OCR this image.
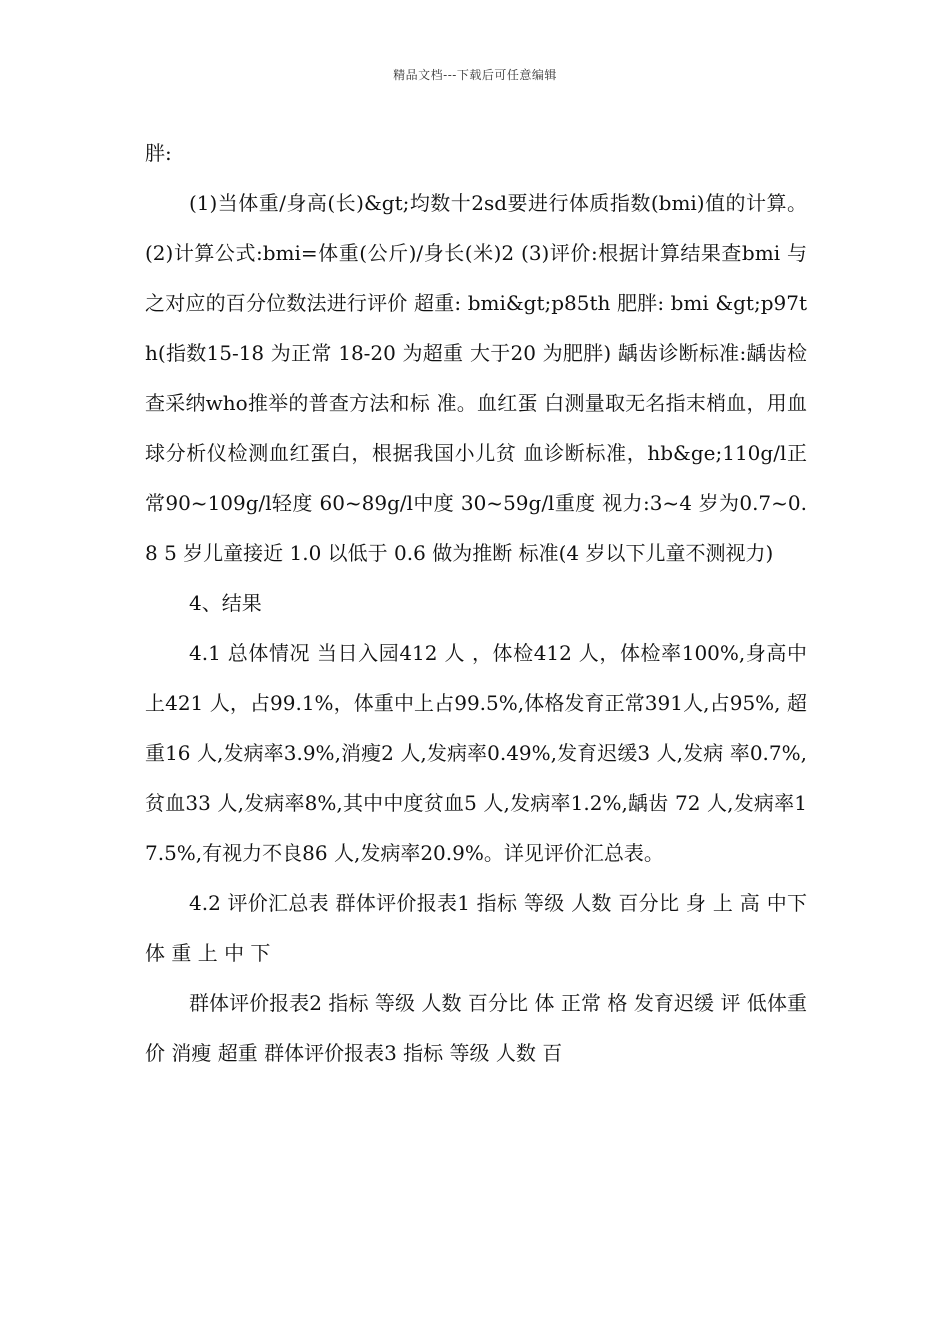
精品文档---下载后可任意编辑

胖:

(1)当体重/身高(长)&gt;均数十2sd要进行体质指数(bmi)值的计算。 (2)计算公式:bmi=体重(公斤)/身长(米)2 (3)评价:根据计算结果查bmi 与之对应的百分位数法进行评价 超重: bmi&gt;p85th 肥胖: bmi &gt;p97th(指数15-18 为正常 18-20 为超重 大于20 为肥胖) 龋齿诊断标准:龋齿检查采纳who推举的普查方法和标 准。血红蛋 白测量取无名指末梢血，用血球分析仪检测血红蛋白，根据我国小儿贫 血诊断标准，hb&ge;110g/l正常90~109g/l轻度 60~89g/l中度 30~59g/l重度 视力:3~4 岁为0.7~0.8 5 岁儿童接近 1.0 以低于 0.6 做为推断 标准(4 岁以下儿童不测视力)

4、结果

4.1 总体情况 当日入园412 人 ，体检412 人，体检率100%,身高中 上421 人，占99.1%，体重中上占99.5%,体格发育正常391人,占95%, 超重16 人,发病率3.9%,消瘦2 人,发病率0.49%,发育迟缓3 人,发病 率0.7%,贫血33 人,发病率8%,其中中度贫血5 人,发病率1.2%,龋齿 72 人,发病率17.5%,有视力不良86 人,发病率20.9%。详见评价汇总表。

4.2 评价汇总表 群体评价报表1 指标 等级 人数 百分比 身 上 高 中下 体 重 上 中 下

群体评价报表2 指标 等级 人数 百分比 体 正常 格 发育迟缓 评 低体重 价 消瘦 超重 群体评价报表3 指标 等级 人数 百
